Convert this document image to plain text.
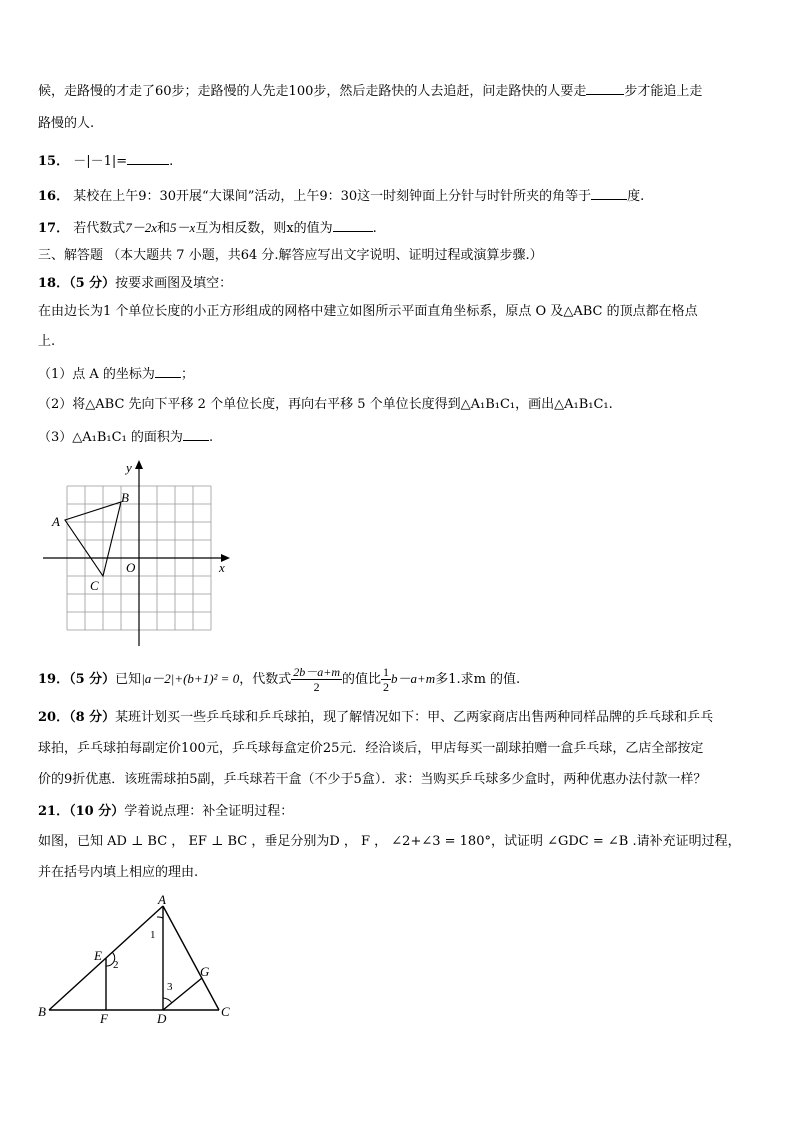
候，走路慢的才走了60步；走路慢的人先走100步，然后走路快的人去追赶，问走路快的人要走	步才能追上走
路慢的人.
15． －|－1|=	.
16． 某校在上午9：30开展“大课间”活动，上午9：30这一时刻钟面上分针与时针所夹的角等于	度.
17． 若代数式7－2x和5－x互为相反数，则x的值为	.
三、解答题 （本大题共 7 小题，共64 分.解答应写出文字说明、证明过程或演算步骤.）
18．（5 分）按要求画图及填空：
在由边长为1 个单位长度的小正方形组成的网格中建立如图所示平面直角坐标系，原点 O 及△ABC 的顶点都在格点
上.
（1）点 A 的坐标为 ；
（2）将△ABC 先向下平移 2 个单位长度，再向右平移 5 个单位长度得到△A₁B₁C₁，画出△A₁B₁C₁.
（3）△A₁B₁C₁ 的面积为 .
y
x
O
A
B
C
19．（5 分）已知|a－2|+(b+1)² = 0，代数式 $\frac{2b-a+m}{2}$ 的值比 $\frac{1}{2} b-a+m$多1.求m 的值.
20．（8 分）某班计划买一些乒乓球和乒乓球拍，现了解情况如下：甲、乙两家商店出售两种同样品牌的乒乓球和乒乓
球拍，乒乓球拍每副定价100元，乒乓球每盒定价25元．经洽谈后，甲店每买一副球拍赠一盒乒乓球，乙店全部按定
价的9折优惠．该班需球拍5副，乒乓球若干盒（不少于5盒）．求：当购买乒乓球多少盒时，两种优惠办法付款一样？
21．（10 分）学着说点理：补全证明过程：
如图，已知 AD ⊥ BC ， EF ⊥ BC ，垂足分别为D ， F ， ∠2+∠3 = 180°，试证明 ∠GDC = ∠B .请补充证明过程，
并在括号内填上相应的理由.
A
B	C
D
E
F
G
1
2
3
